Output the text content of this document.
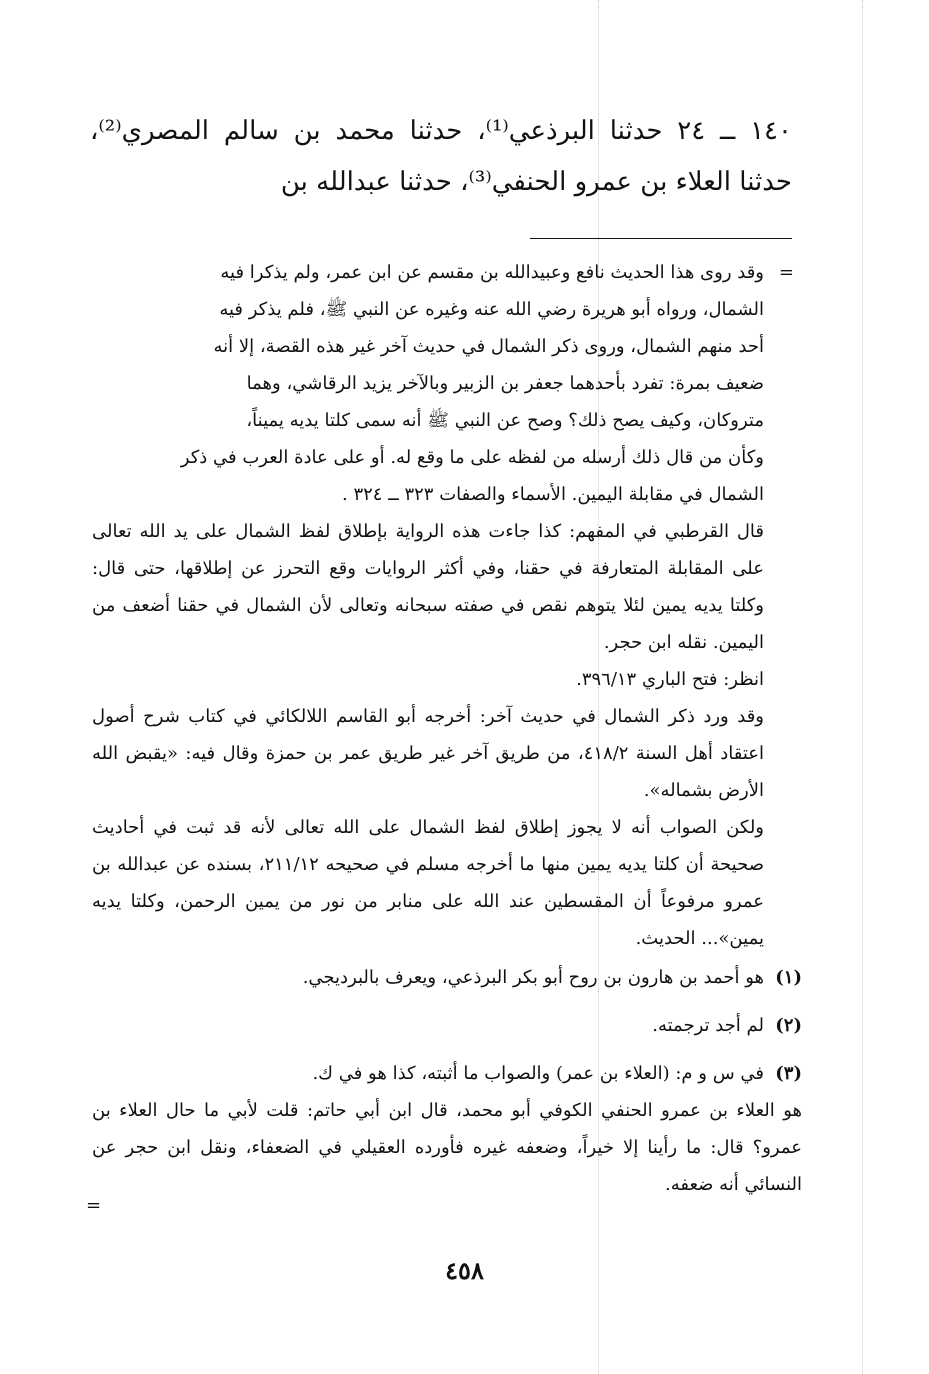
١٤٠ ــ ٢٤ حدثنا البرذعي⁽¹⁾، حدثنا محمد بن سالم المصري⁽²⁾، حدثنا العلاء بن عمرو الحنفي⁽³⁾، حدثنا عبدالله بن

=
وقد روى هذا الحديث نافع وعبيدالله بن مقسم عن ابن عمر، ولم يذكرا فيه
الشمال، ورواه أبو هريرة رضي الله عنه وغيره عن النبي ﷺ، فلم يذكر فيه
أحد منهم الشمال، وروى ذكر الشمال في حديث آخر غير هذه القصة، إلا أنه
ضعيف بمرة: تفرد بأحدهما جعفر بن الزبير وبالآخر يزيد الرقاشي، وهما
متروكان، وكيف يصح ذلك؟ وصح عن النبي ﷺ أنه سمى كلتا يديه يميناً،
وكأن من قال ذلك أرسله من لفظه على ما وقع له. أو على عادة العرب في ذكر
الشمال في مقابلة اليمين. الأسماء والصفات ٣٢٣ ــ ٣٢٤ .

قال القرطبي في المفهم: كذا جاءت هذه الرواية بإطلاق لفظ الشمال على يد الله تعالى على المقابلة المتعارفة في حقنا، وفي أكثر الروايات وقع التحرز عن إطلاقها، حتى قال: وكلتا يديه يمين لئلا يتوهم نقص في صفته سبحانه وتعالى لأن الشمال في حقنا أضعف من اليمين. نقله ابن حجر.

انظر: فتح الباري ٣٩٦/١٣.

وقد ورد ذكر الشمال في حديث آخر: أخرجه أبو القاسم اللالكائي في كتاب شرح أصول اعتقاد أهل السنة ٤١٨/٢، من طريق آخر غير طريق عمر بن حمزة وقال فيه: «يقبض الله الأرض بشماله».

ولكن الصواب أنه لا يجوز إطلاق لفظ الشمال على الله تعالى لأنه قد ثبت في أحاديث صحيحة أن كلتا يديه يمين منها ما أخرجه مسلم في صحيحه ٢١١/١٢، بسنده عن عبدالله بن عمرو مرفوعاً أن المقسطين عند الله على منابر من نور من يمين الرحمن، وكلتا يديه يمين»... الحديث.

(١)
هو أحمد بن هارون بن روح أبو بكر البرذعي، ويعرف بالبرديجي.
(٢)
لم أجد ترجمته.
(٣)
في س و م: (العلاء بن عمر) والصواب ما أثبته، كذا هو في ك.

هو العلاء بن عمرو الحنفي الكوفي أبو محمد، قال ابن أبي حاتم: قلت لأبي ما حال العلاء بن عمرو؟ قال: ما رأينا إلا خيراً، وضعفه غيره فأورده العقيلي في الضعفاء، ونقل ابن حجر عن النسائي أنه ضعفه.

=
٤٥٨
